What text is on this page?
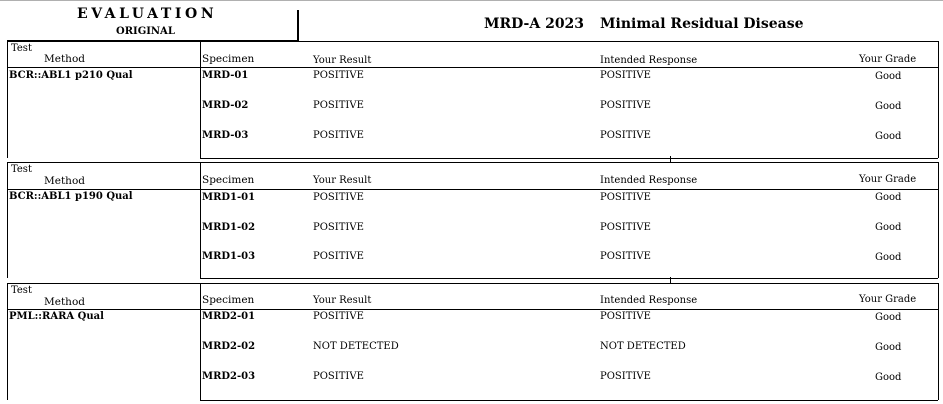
EVALUATION
ORIGINAL	MRD-A 2023 Minimal Residual Disease
Test
Method	Specimen	Your Result	Intended Response	Your Grade
BCR::ABL1 p210 Qual	MRD-01	POSITIVE	POSITIVE	Good
MRD-02	POSITIVE	POSITIVE	Good
MRD-03	POSITIVE	POSITIVE	Good
Test
Method	Specimen	Your Result	Intended Response	Your Grade
BCR::ABL1 p190 Qual	MRD1-01	POSITIVE	POSITIVE	Good
MRD1-02	POSITIVE	POSITIVE	Good
MRD1-03	POSITIVE	POSITIVE	Good
Test
Method	Specimen	Your Result	Intended Response	Your Grade
PML::RARA Qual	MRD2-01	POSITIVE	POSITIVE	Good
MRD2-02	NOT DETECTED	NOT DETECTED	Good
MRD2-03	POSITIVE	POSITIVE	Good
